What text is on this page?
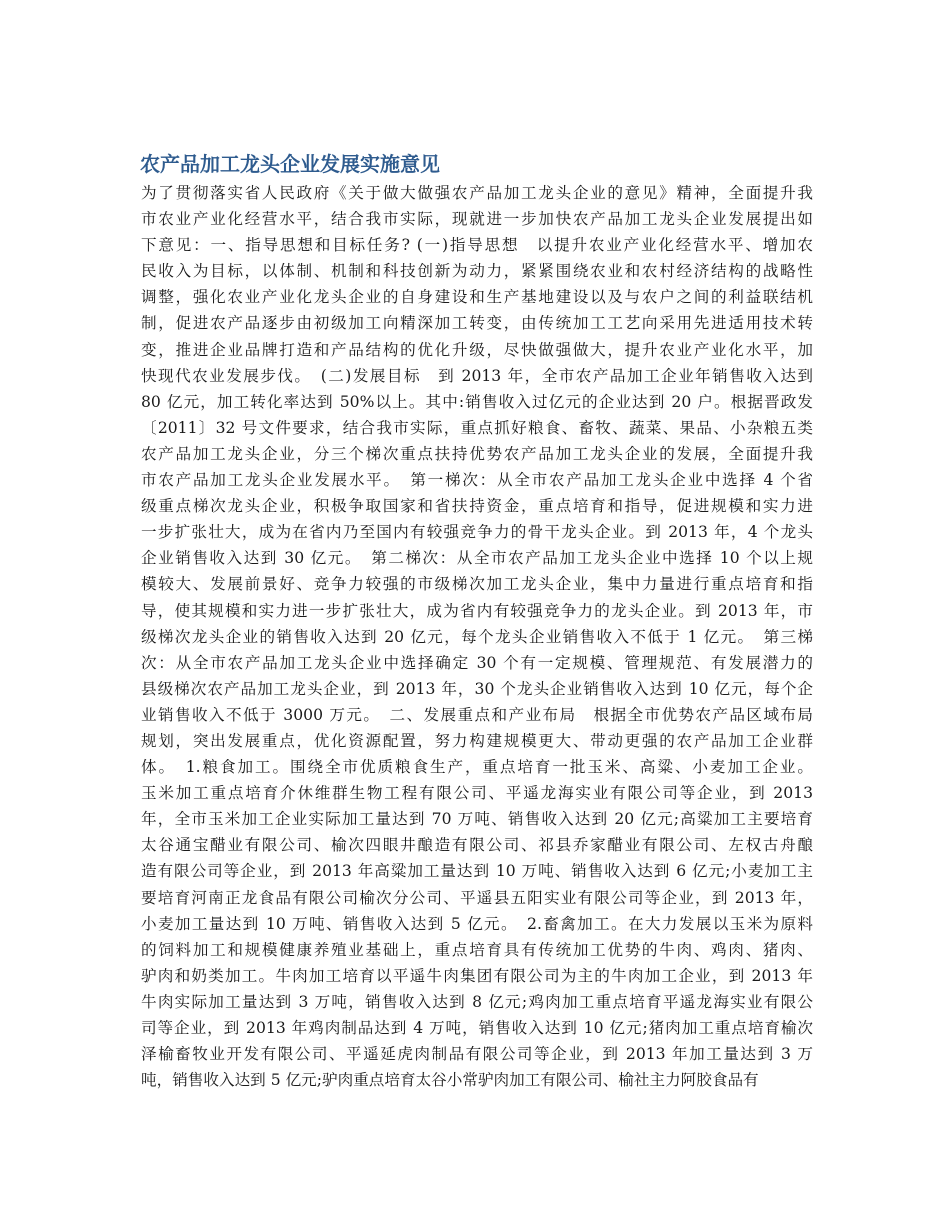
农产品加工龙头企业发展实施意见
为了贯彻落实省人民政府《关于做大做强农产品加工龙头企业的意见》精神，全面提升我
市农业产业化经营水平，结合我市实际，现就进一步加快农产品加工龙头企业发展提出如
下意见：一、指导思想和目标任务? (一)指导思想　以提升农业产业化经营水平、增加农
民收入为目标，以体制、机制和科技创新为动力，紧紧围绕农业和农村经济结构的战略性
调整，强化农业产业化龙头企业的自身建设和生产基地建设以及与农户之间的利益联结机
制，促进农产品逐步由初级加工向精深加工转变，由传统加工工艺向采用先进适用技术转
变，推进企业品牌打造和产品结构的优化升级，尽快做强做大，提升农业产业化水平，加
快现代农业发展步伐。　(二)发展目标　到 2013 年，全市农产品加工企业年销售收入达到
80 亿元，加工转化率达到 50%以上。其中:销售收入过亿元的企业达到 20 户。根据晋政发
〔2011〕32 号文件要求，结合我市实际，重点抓好粮食、畜牧、蔬菜、果品、小杂粮五类
农产品加工龙头企业，分三个梯次重点扶持优势农产品加工龙头企业的发展，全面提升我
市农产品加工龙头企业发展水平。　第一梯次：从全市农产品加工龙头企业中选择 4 个省
级重点梯次龙头企业，积极争取国家和省扶持资金，重点培育和指导，促进规模和实力进
一步扩张壮大，成为在省内乃至国内有较强竞争力的骨干龙头企业。到 2013 年，4 个龙头
企业销售收入达到 30 亿元。　第二梯次：从全市农产品加工龙头企业中选择 10 个以上规
模较大、发展前景好、竞争力较强的市级梯次加工龙头企业，集中力量进行重点培育和指
导，使其规模和实力进一步扩张壮大，成为省内有较强竞争力的龙头企业。到 2013 年，市
级梯次龙头企业的销售收入达到 20 亿元，每个龙头企业销售收入不低于 1 亿元。　第三梯
次：从全市农产品加工龙头企业中选择确定 30 个有一定规模、管理规范、有发展潜力的
县级梯次农产品加工龙头企业，到 2013 年，30 个龙头企业销售收入达到 10 亿元，每个企
业销售收入不低于 3000 万元。　二、发展重点和产业布局　根据全市优势农产品区域布局
规划，突出发展重点，优化资源配置，努力构建规模更大、带动更强的农产品加工企业群
体。　1.粮食加工。围绕全市优质粮食生产，重点培育一批玉米、高粱、小麦加工企业。
玉米加工重点培育介休维群生物工程有限公司、平遥龙海实业有限公司等企业，到 2013
年，全市玉米加工企业实际加工量达到 70 万吨、销售收入达到 20 亿元;高粱加工主要培育
太谷通宝醋业有限公司、榆次四眼井酿造有限公司、祁县乔家醋业有限公司、左权古舟酿
造有限公司等企业，到 2013 年高粱加工量达到 10 万吨、销售收入达到 6 亿元;小麦加工主
要培育河南正龙食品有限公司榆次分公司、平遥县五阳实业有限公司等企业，到 2013 年，
小麦加工量达到 10 万吨、销售收入达到 5 亿元。　2.畜禽加工。在大力发展以玉米为原料
的饲料加工和规模健康养殖业基础上，重点培育具有传统加工优势的牛肉、鸡肉、猪肉、
驴肉和奶类加工。牛肉加工培育以平遥牛肉集团有限公司为主的牛肉加工企业，到 2013 年
牛肉实际加工量达到 3 万吨，销售收入达到 8 亿元;鸡肉加工重点培育平遥龙海实业有限公
司等企业，到 2013 年鸡肉制品达到 4 万吨，销售收入达到 10 亿元;猪肉加工重点培育榆次
泽榆畜牧业开发有限公司、平遥延虎肉制品有限公司等企业，到 2013 年加工量达到 3 万
吨，销售收入达到 5 亿元;驴肉重点培育太谷小常驴肉加工有限公司、榆社主力阿胶食品有
